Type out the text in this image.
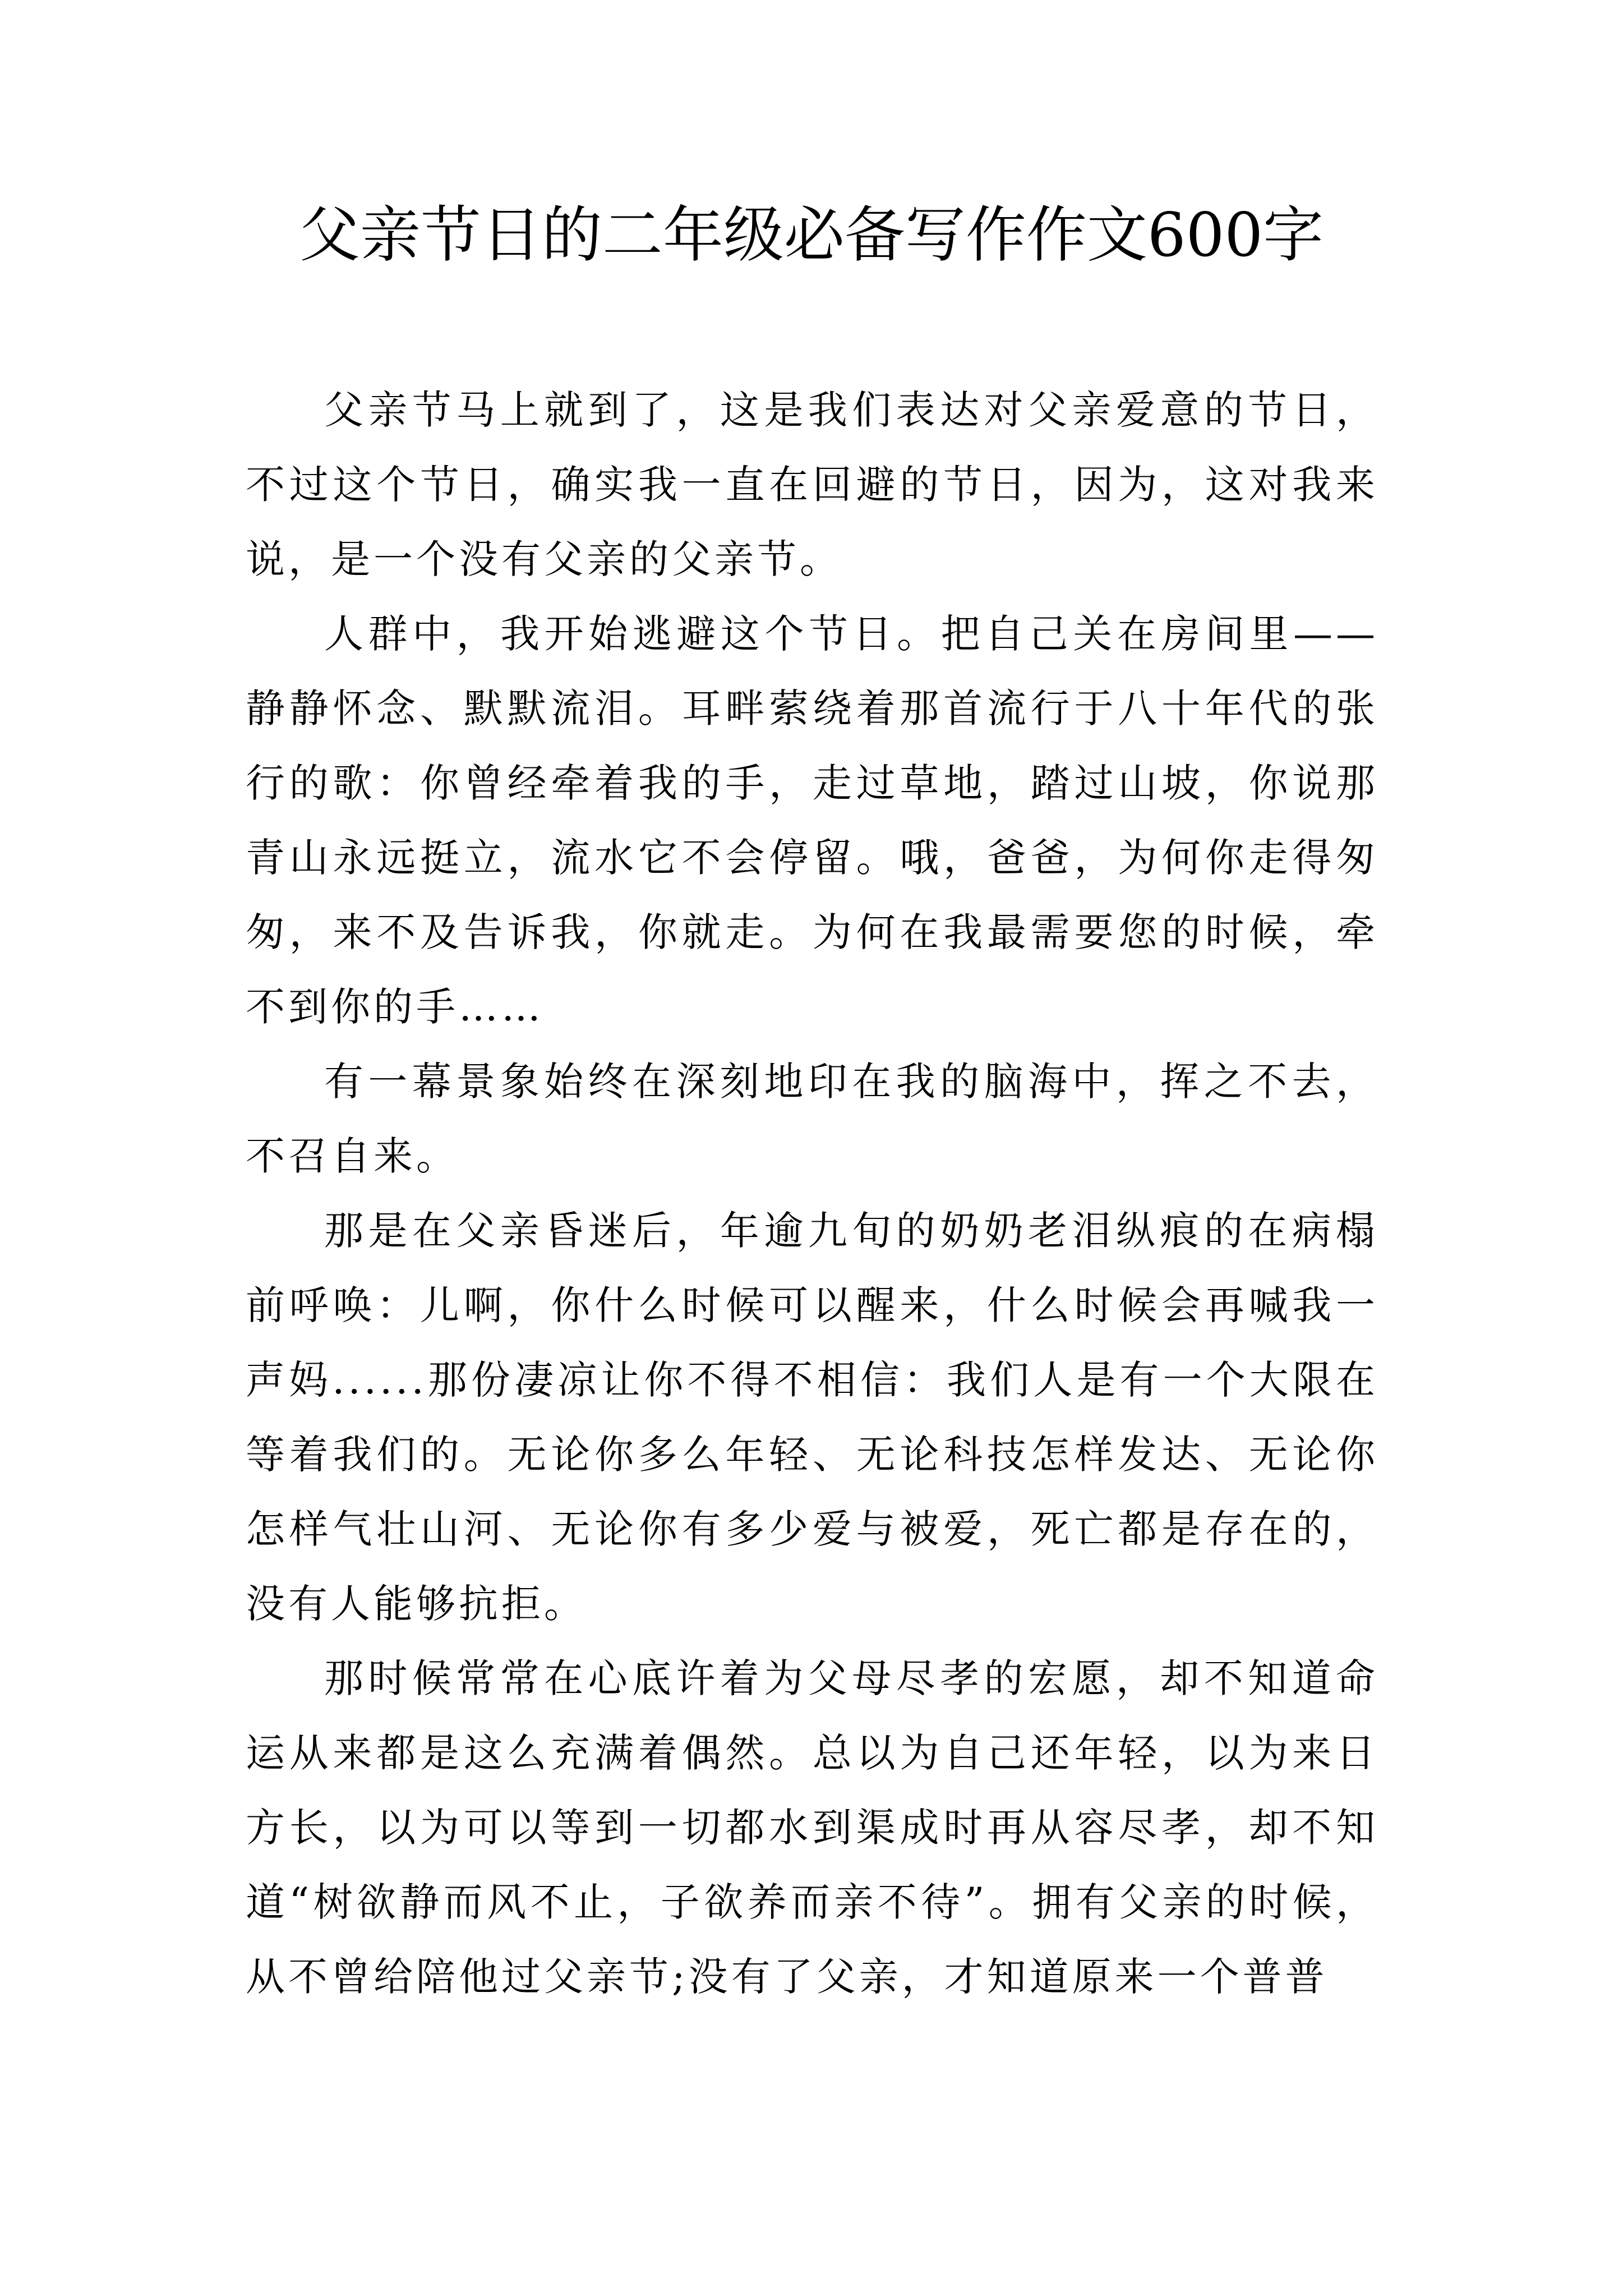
父亲节日的二年级必备写作作文600字

父亲节马上就到了，这是我们表达对父亲爱意的节日，不过这个节日，确实我一直在回避的节日，因为，这对我来说，是一个没有父亲的父亲节。

人群中，我开始逃避这个节日。把自己关在房间里——静静怀念、默默流泪。耳畔萦绕着那首流行于八十年代的张行的歌：你曾经牵着我的手，走过草地，踏过山坡，你说那青山永远挺立，流水它不会停留。哦，爸爸，为何你走得匆匆，来不及告诉我，你就走。为何在我最需要您的时候，牵不到你的手……

有一幕景象始终在深刻地印在我的脑海中，挥之不去，不召自来。

那是在父亲昏迷后，年逾九旬的奶奶老泪纵痕的在病榻前呼唤：儿啊，你什么时候可以醒来，什么时候会再喊我一声妈......那份凄凉让你不得不相信：我们人是有一个大限在等着我们的。无论你多么年轻、无论科技怎样发达、无论你怎样气壮山河、无论你有多少爱与被爱，死亡都是存在的，没有人能够抗拒。

那时候常常在心底许着为父母尽孝的宏愿，却不知道命运从来都是这么充满着偶然。总以为自己还年轻，以为来日方长，以为可以等到一切都水到渠成时再从容尽孝，却不知道“树欲静而风不止，子欲养而亲不待”。拥有父亲的时候，从不曾给陪他过父亲节;没有了父亲，才知道原来一个普普
